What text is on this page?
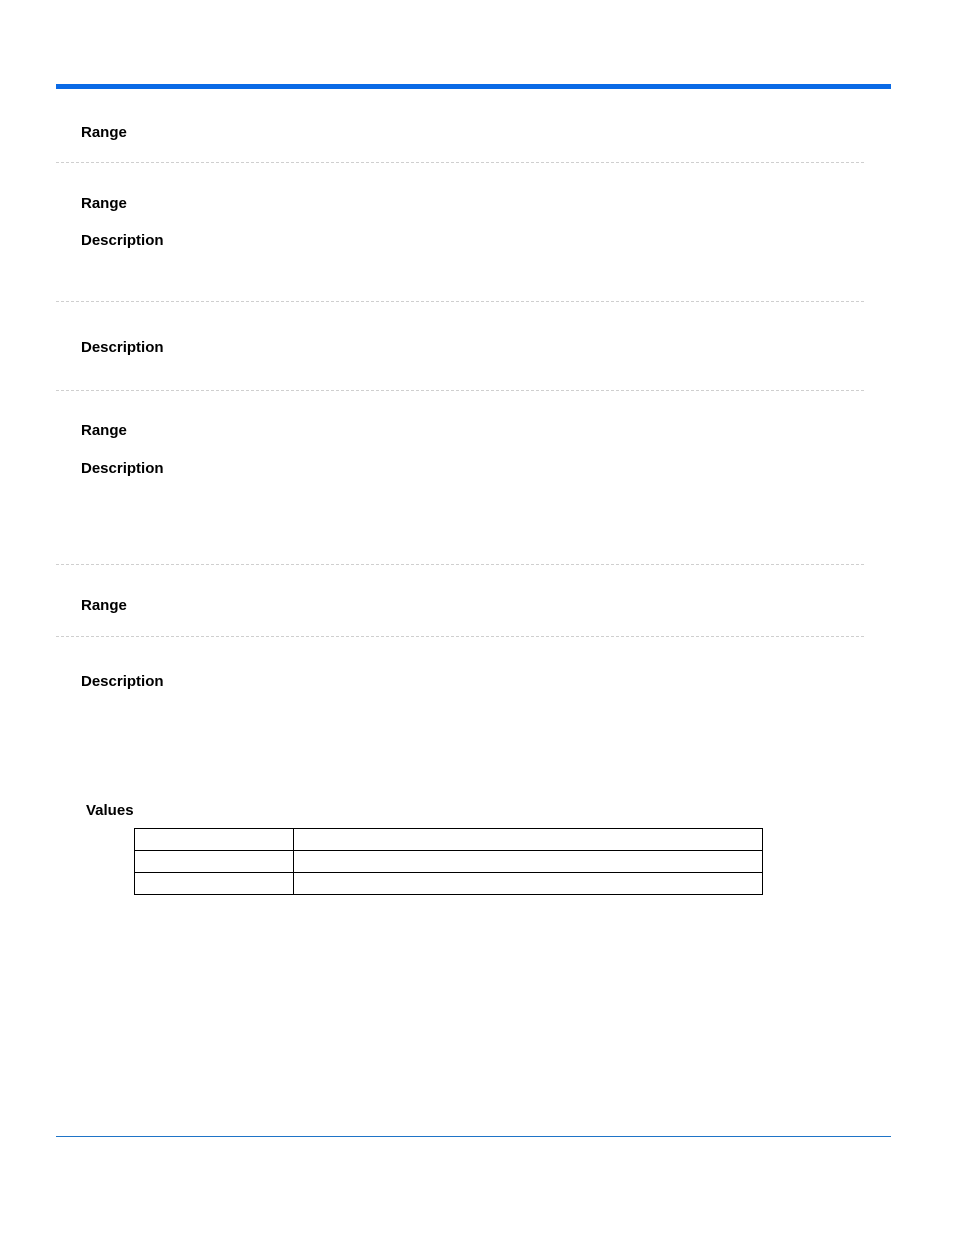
Range
Range
Description
Description
Range
Description
Range
Description
Values
